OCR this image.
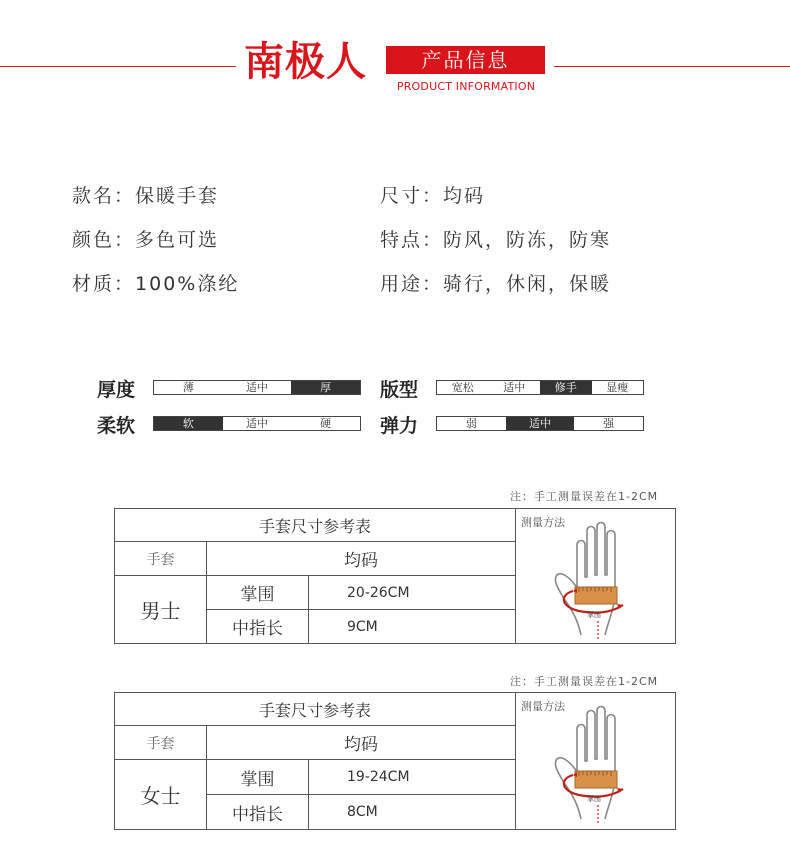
南极人	产品信息
PRODUCT INFORMATION
款名：保暖手套
颜色：多色可选
材质：100%涤纶
尺寸：均码
特点：防风，防冻，防寒
用途：骑行，休闲，保暖
厚度	薄	适中	厚	版型	宽松	适中	修手	显瘦
柔软	软	适中	硬	弹力	弱	适中	强
注：手工测量误差在1-2CM
手套尺寸参考表
手套	均码
男士
掌围	20-26CM
中指长	9CM
测量方法
掌围
注：手工测量误差在1-2CM
手套尺寸参考表
手套	均码
女士
掌围	19-24CM
中指长	8CM
测量方法
掌围
